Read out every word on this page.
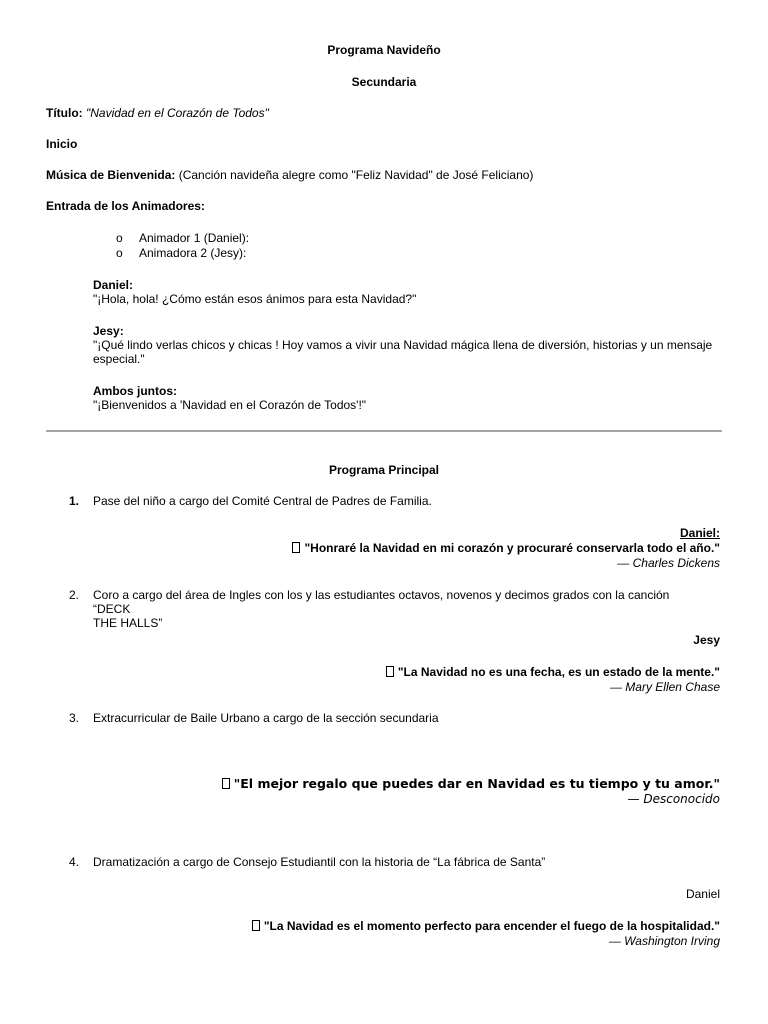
Programa Navideño
Secundaria
Título: "Navidad en el Corazón de Todos"
Inicio
Música de Bienvenida: (Canción navideña alegre como "Feliz Navidad" de José Feliciano)
Entrada de los Animadores:
o Animador 1 (Daniel):
o Animadora 2 (Jesy):
Daniel:
"¡Hola, hola! ¿Cómo están esos ánimos para esta Navidad?"
Jesy:
"¡Qué lindo verlas chicos y chicas ! Hoy vamos a vivir una Navidad mágica llena de diversión, historias y un mensaje
especial."
Ambos juntos:
"¡Bienvenidos a 'Navidad en el Corazón de Todos'!"
Programa Principal
1. Pase del niño a cargo del Comité Central de Padres de Familia.
Daniel:
"Honraré la Navidad en mi corazón y procuraré conservarla todo el año."
— Charles Dickens
2. Coro a cargo del área de Ingles con los y las estudiantes octavos, novenos y decimos grados con la canción “DECK
THE HALLS”
Jesy
"La Navidad no es una fecha, es un estado de la mente."
— Mary Ellen Chase
3. Extracurricular de Baile Urbano a cargo de la sección secundaria
"El mejor regalo que puedes dar en Navidad es tu tiempo y tu amor."
— Desconocido
4. Dramatización a cargo de Consejo Estudiantil con la historia de “La fábrica de Santa”
Daniel
"La Navidad es el momento perfecto para encender el fuego de la hospitalidad."
— Washington Irving
